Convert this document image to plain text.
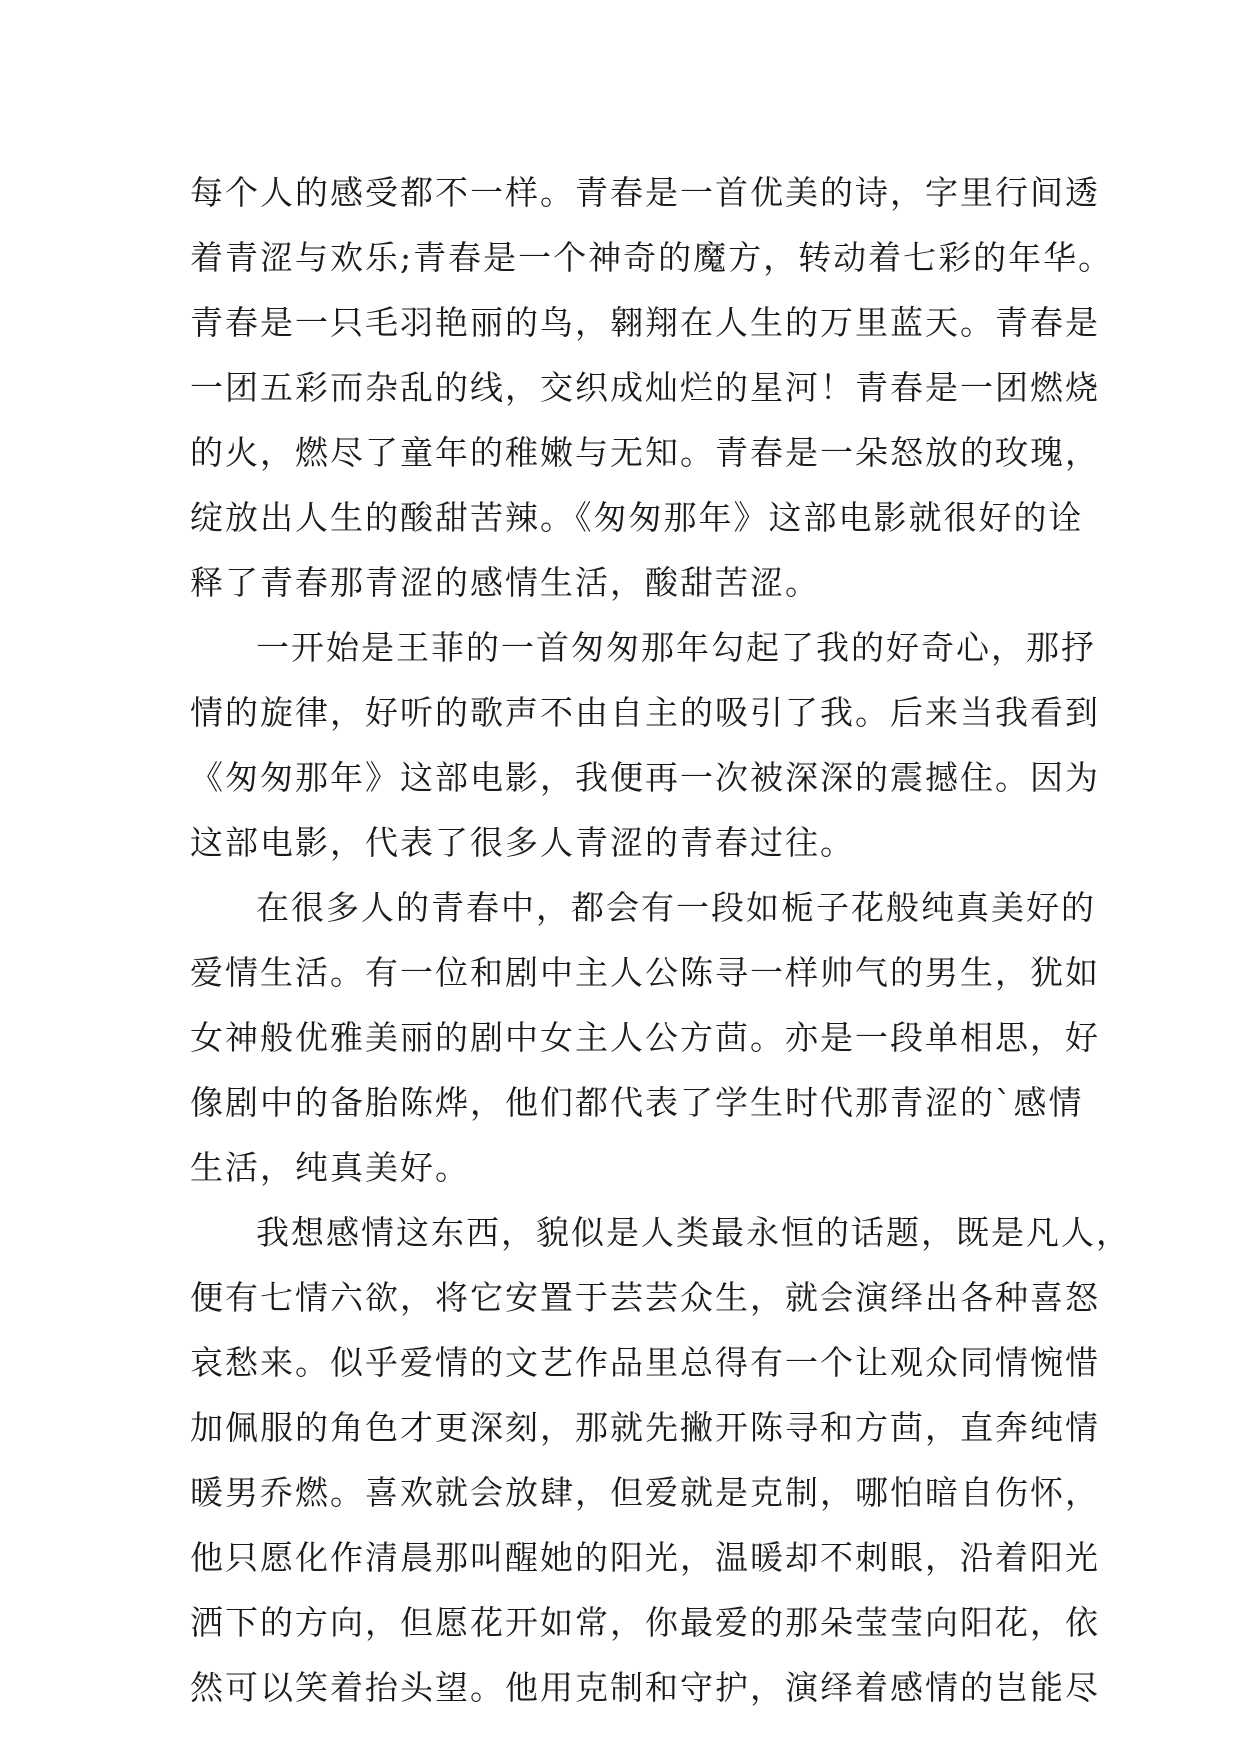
每个人的感受都不一样。青春是一首优美的诗，字里行间透
着青涩与欢乐;青春是一个神奇的魔方，转动着七彩的年华。
青春是一只毛羽艳丽的鸟，翱翔在人生的万里蓝天。青春是
一团五彩而杂乱的线，交织成灿烂的星河！青春是一团燃烧
的火，燃尽了童年的稚嫩与无知。青春是一朵怒放的玫瑰，
绽放出人生的酸甜苦辣。《匆匆那年》这部电影就很好的诠
释了青春那青涩的感情生活，酸甜苦涩。
一开始是王菲的一首匆匆那年勾起了我的好奇心，那抒
情的旋律，好听的歌声不由自主的吸引了我。后来当我看到
《匆匆那年》这部电影，我便再一次被深深的震撼住。因为
这部电影，代表了很多人青涩的青春过往。
在很多人的青春中，都会有一段如栀子花般纯真美好的
爱情生活。有一位和剧中主人公陈寻一样帅气的男生，犹如
女神般优雅美丽的剧中女主人公方茴。亦是一段单相思，好
像剧中的备胎陈烨，他们都代表了学生时代那青涩的`感情
生活，纯真美好。
我想感情这东西，貌似是人类最永恒的话题，既是凡人，
便有七情六欲，将它安置于芸芸众生，就会演绎出各种喜怒
哀愁来。似乎爱情的文艺作品里总得有一个让观众同情惋惜
加佩服的角色才更深刻，那就先撇开陈寻和方茴，直奔纯情
暖男乔燃。喜欢就会放肆，但爱就是克制，哪怕暗自伤怀，
他只愿化作清晨那叫醒她的阳光，温暖却不刺眼，沿着阳光
洒下的方向，但愿花开如常，你最爱的那朵莹莹向阳花，依
然可以笑着抬头望。他用克制和守护，演绎着感情的岂能尽
